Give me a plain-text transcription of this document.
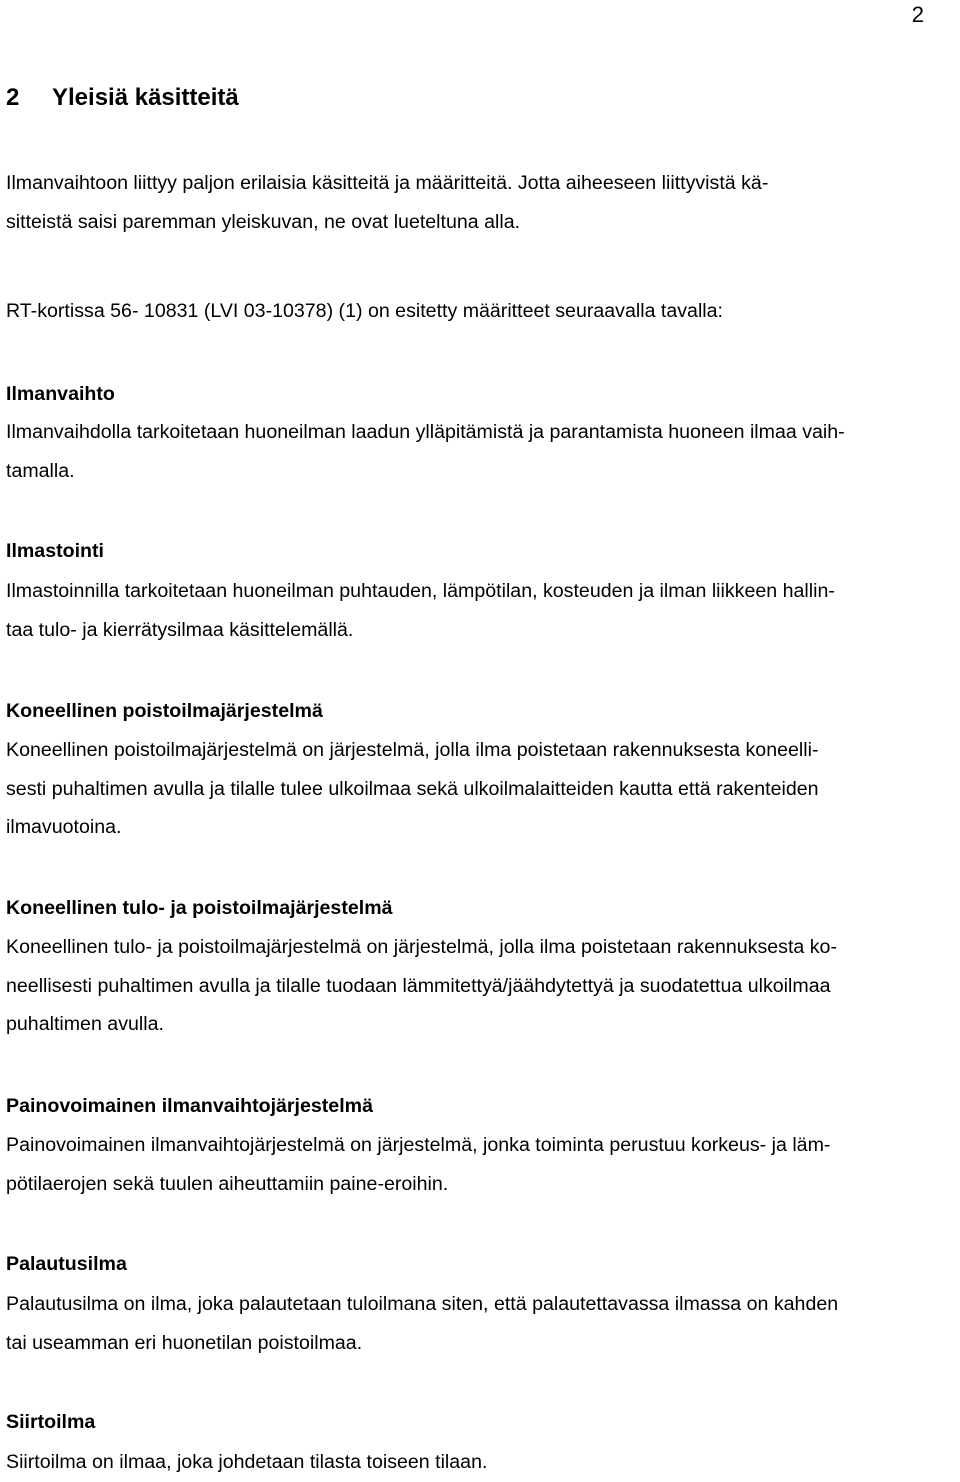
2
2 Yleisiä käsitteitä

Ilmanvaihtoon liittyy paljon erilaisia käsitteitä ja määritteitä. Jotta aiheeseen liittyvistä kä-
sitteistä saisi paremman yleiskuvan, ne ovat lueteltuna alla.

RT-kortissa 56- 10831 (LVI 03-10378) (1) on esitetty määritteet seuraavalla tavalla:

Ilmanvaihto

Ilmanvaihdolla tarkoitetaan huoneilman laadun ylläpitämistä ja parantamista huoneen ilmaa vaih-
tamalla.

Ilmastointi

Ilmastoinnilla tarkoitetaan huoneilman puhtauden, lämpötilan, kosteuden ja ilman liikkeen hallin-
taa tulo- ja kierrätysilmaa käsittelemällä.

Koneellinen poistoilmajärjestelmä

Koneellinen poistoilmajärjestelmä on järjestelmä, jolla ilma poistetaan rakennuksesta koneelli-
sesti puhaltimen avulla ja tilalle tulee ulkoilmaa sekä ulkoilmalaitteiden kautta että rakenteiden
ilmavuotoina.

Koneellinen tulo- ja poistoilmajärjestelmä

Koneellinen tulo- ja poistoilmajärjestelmä on järjestelmä, jolla ilma poistetaan rakennuksesta ko-
neellisesti puhaltimen avulla ja tilalle tuodaan lämmitettyä/jäähdytettyä ja suodatettua ulkoilmaa
puhaltimen avulla.

Painovoimainen ilmanvaihtojärjestelmä

Painovoimainen ilmanvaihtojärjestelmä on järjestelmä, jonka toiminta perustuu korkeus- ja läm-
pötilaerojen sekä tuulen aiheuttamiin paine-eroihin.

Palautusilma

Palautusilma on ilma, joka palautetaan tuloilmana siten, että palautettavassa ilmassa on kahden
tai useamman eri huonetilan poistoilmaa.

Siirtoilma

Siirtoilma on ilmaa, joka johdetaan tilasta toiseen tilaan.
